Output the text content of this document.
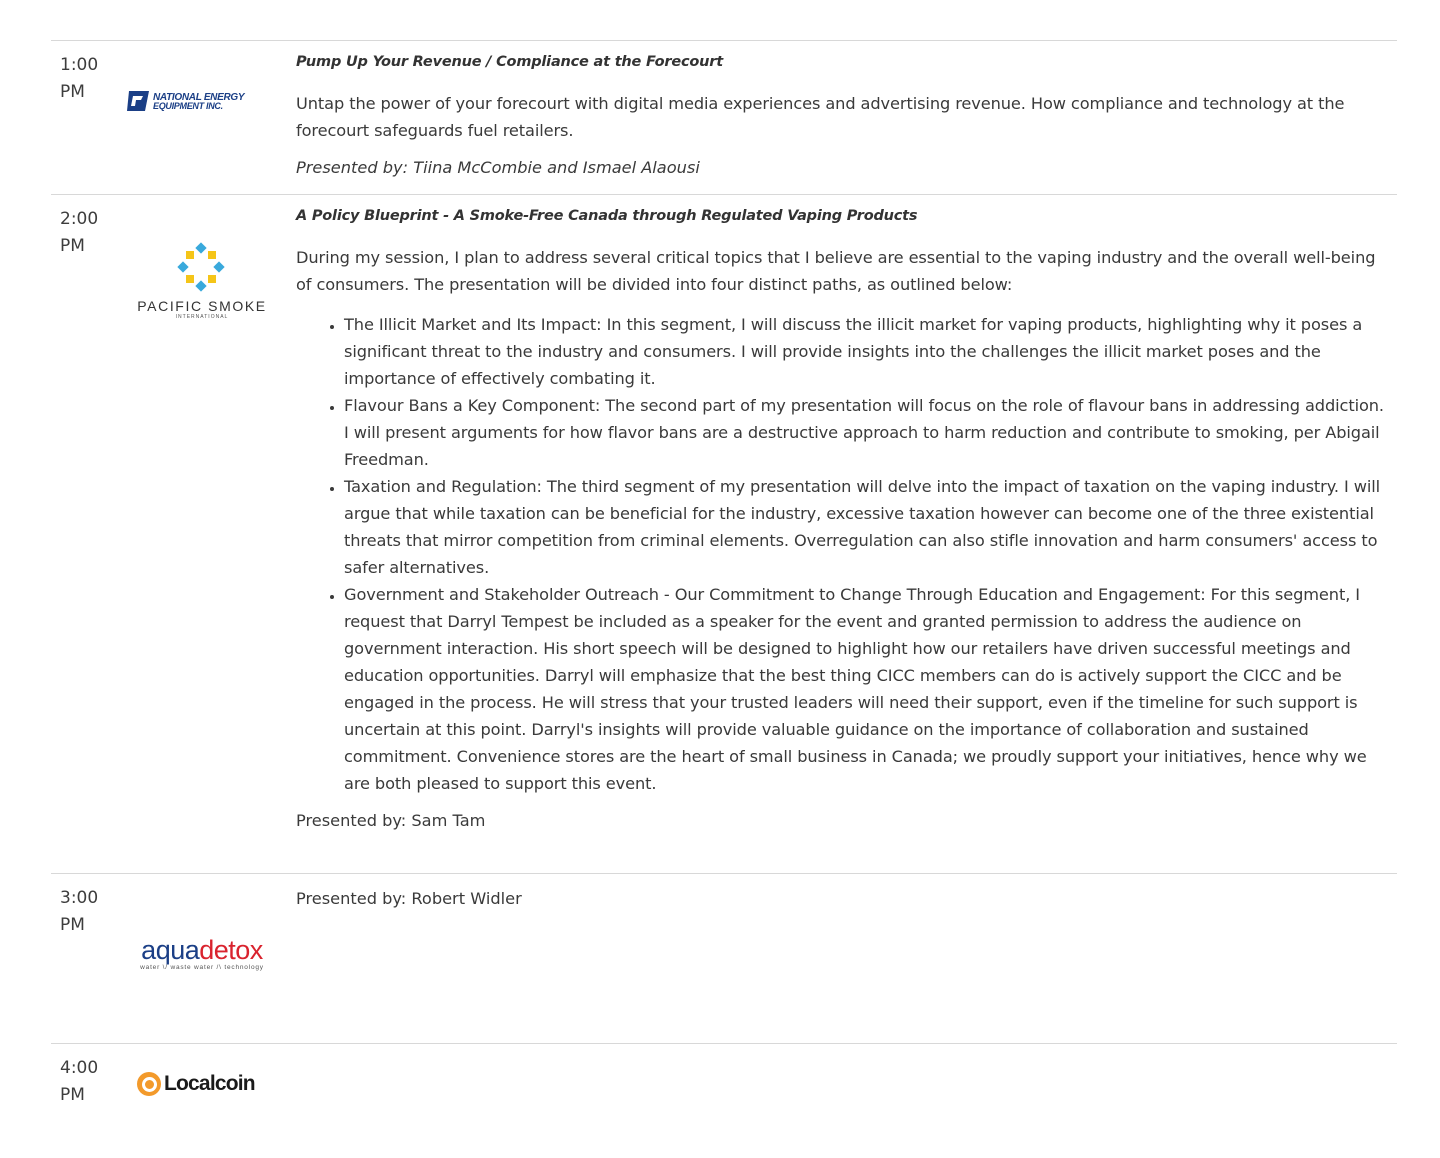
1:00 PM	NATIONAL ENERGY
EQUIPMENT INC.
Pump Up Your Revenue / Compliance at the Forecourt

Untap the power of your forecourt with digital media experiences and advertising revenue. How compliance and technology at the forecourt safeguards fuel retailers.

Presented by: Tiina McCombie and Ismael Alaousi

2:00 PM
PACIFIC SMOKE
INTERNATIONAL
A Policy Blueprint - A Smoke-Free Canada through Regulated Vaping Products

During my session, I plan to address several critical topics that I believe are essential to the vaping industry and the overall well-being of consumers. The presentation will be divided into four distinct paths, as outlined below:

• The Illicit Market and Its Impact: In this segment, I will discuss the illicit market for vaping products, highlighting why it poses a significant threat to the industry and consumers. I will provide insights into the challenges the illicit market poses and the importance of effectively combating it.
• Flavour Bans a Key Component: The second part of my presentation will focus on the role of flavour bans in addressing addiction. I will present arguments for how flavor bans are a destructive approach to harm reduction and contribute to smoking, per Abigail Freedman.
• Taxation and Regulation: The third segment of my presentation will delve into the impact of taxation on the vaping industry. I will argue that while taxation can be beneficial for the industry, excessive taxation however can become one of the three existential threats that mirror competition from criminal elements. Overregulation can also stifle innovation and harm consumers' access to safer alternatives.
• Government and Stakeholder Outreach - Our Commitment to Change Through Education and Engagement: For this segment, I request that Darryl Tempest be included as a speaker for the event and granted permission to address the audience on government interaction. His short speech will be designed to highlight how our retailers have driven successful meetings and education opportunities. Darryl will emphasize that the best thing CICC members can do is actively support the CICC and be engaged in the process. He will stress that your trusted leaders will need their support, even if the timeline for such support is uncertain at this point. Darryl's insights will provide valuable guidance on the importance of collaboration and sustained commitment. Convenience stores are the heart of small business in Canada; we proudly support your initiatives, hence why we are both pleased to support this event.

Presented by: Sam Tam

3:00 PM
aquadetox
water \/ waste water /\ technology

Presented by: Robert Widler

4:00 PM	Localcoin
